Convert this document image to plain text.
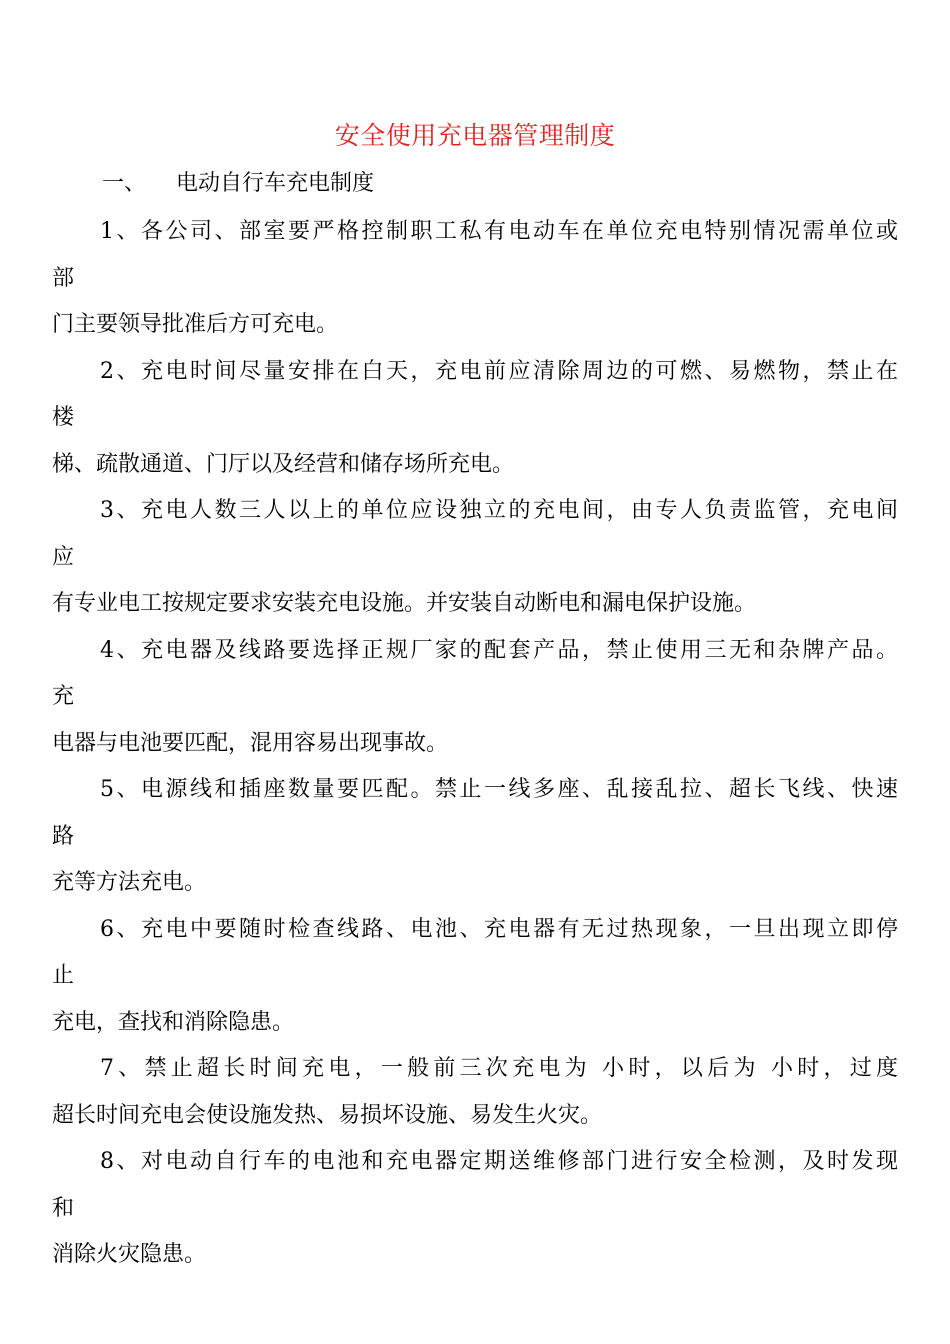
安全使用充电器管理制度

一、 电动自行车充电制度

1、各公司、部室要严格控制职工私有电动车在单位充电特别情况需单位或

部

门主要领导批准后方可充电。

2、充电时间尽量安排在白天，充电前应清除周边的可燃、易燃物，禁止在

楼

梯、疏散通道、门厅以及经营和储存场所充电。

3、充电人数三人以上的单位应设独立的充电间，由专人负责监管，充电间

应

有专业电工按规定要求安装充电设施。并安装自动断电和漏电保护设施。

4、充电器及线路要选择正规厂家的配套产品，禁止使用三无和杂牌产品。

充

电器与电池要匹配，混用容易出现事故。

5、电源线和插座数量要匹配。禁止一线多座、乱接乱拉、超长飞线、快速

路

充等方法充电。

6、充电中要随时检查线路、电池、充电器有无过热现象，一旦出现立即停

止

充电，查找和消除隐患。

7、禁止超长时间充电，一般前三次充电为 小时，以后为 小时，过度

超长时间充电会使设施发热、易损坏设施、易发生火灾。

8、对电动自行车的电池和充电器定期送维修部门进行安全检测，及时发现

和

消除火灾隐患。
